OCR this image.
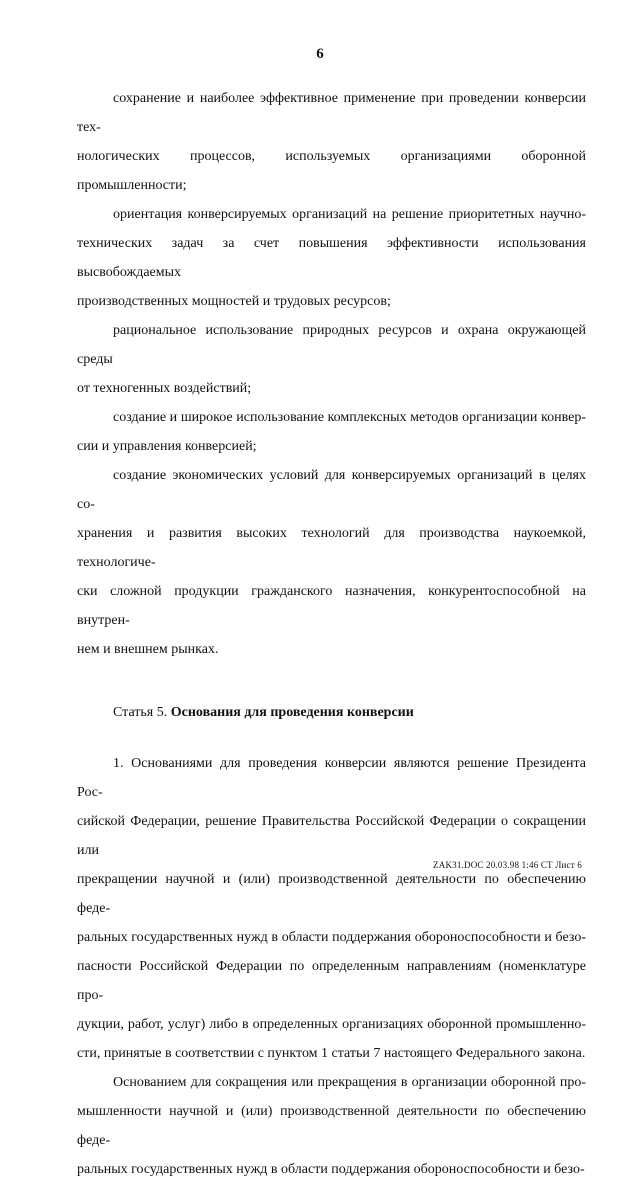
6

сохранение и наиболее эффективное применение при проведении конверсии тех-
нологических процессов, используемых организациями оборонной промышленности;

ориентация конверсируемых организаций на решение приоритетных научно-
технических задач за счет повышения эффективности использования высвобождаемых
производственных мощностей и трудовых ресурсов;

рациональное использование природных ресурсов и охрана окружающей среды
от техногенных воздействий;

создание и широкое использование комплексных методов организации конвер-
сии и управления конверсией;

создание экономических условий для конверсируемых организаций в целях со-
хранения и развития высоких технологий для производства наукоемкой, технологиче-
ски сложной продукции гражданского назначения, конкурентоспособной на внутрен-
нем и внешнем рынках.

Статья 5. Основания для проведения конверсии

1. Основаниями для проведения конверсии являются решение Президента Рос-
сийской Федерации, решение Правительства Российской Федерации о сокращении или
прекращении научной и (или) производственной деятельности по обеспечению феде-
ральных государственных нужд в области поддержания обороноспособности и безо-
пасности Российской Федерации по определенным направлениям (номенклатуре про-
дукции, работ, услуг) либо в определенных организациях оборонной промышленно-
сти, принятые в соответствии с пунктом 1 статьи 7 настоящего Федерального закона.

Основанием для сокращения или прекращения в организации оборонной про-
мышленности научной и (или) производственной деятельности по обеспечению феде-
ральных государственных нужд в области поддержания обороноспособности и безо-

ZAK31.DOC 20.03.98 1:46 СТ Лист 6
